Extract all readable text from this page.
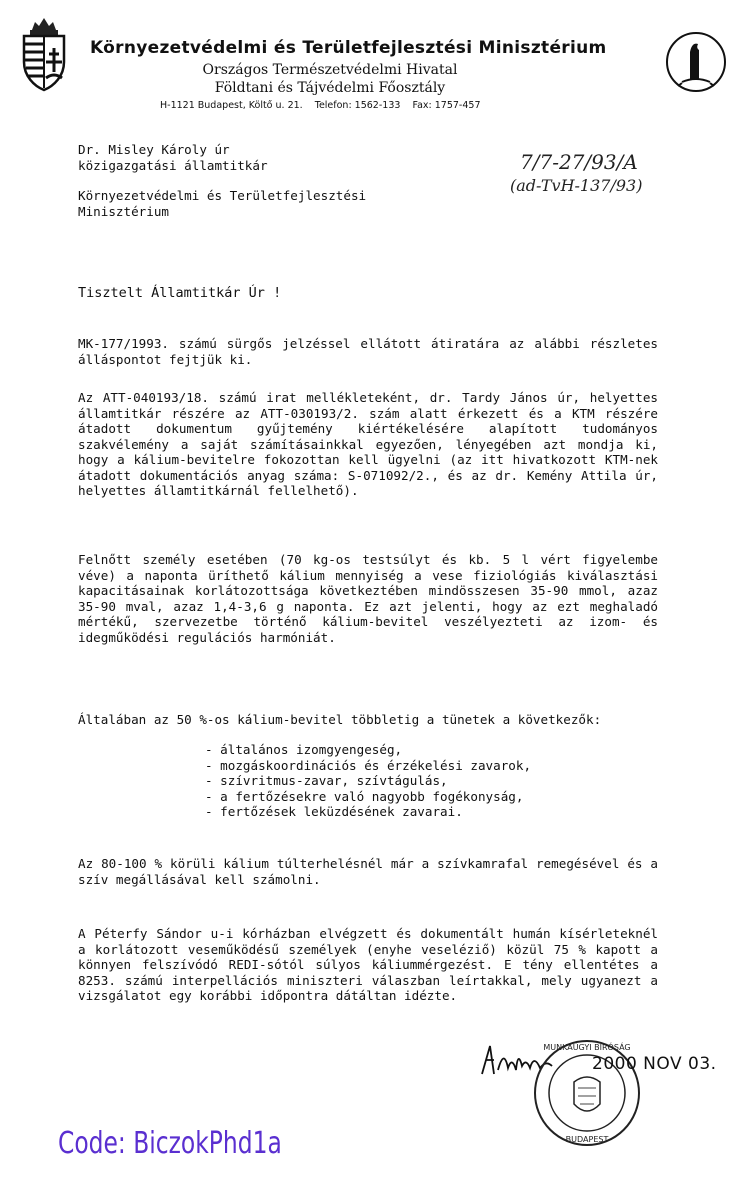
Környezetvédelmi és Területfejlesztési Minisztérium
Országos Természetvédelmi Hivatal
Földtani és Tájvédelmi Főosztály
H-1121 Budapest, Költő u. 21.    Telefon: 1562-133    Fax: 1757-457
7/7-27/93/A
(ad-TvH-137/93)

Dr. Misley Károly úr

közigazgatási államtitkár

Környezetvédelmi és Területfejlesztési

Minisztérium

Tisztelt Államtitkár Úr !

MK-177/1993. számú sürgős jelzéssel ellátott átiratára az alábbi részletes álláspontot fejtjük ki.

Az ATT-040193/18. számú irat mellékleteként, dr. Tardy János úr, helyettes államtitkár részére az ATT-030193/2. szám alatt érkezett és a KTM részére átadott dokumentum gyűjtemény kiértékelésére alapított tudományos szakvélemény a saját számításainkkal egyezően, lényegében azt mondja ki, hogy a kálium-bevitelre fokozottan kell ügyelni (az itt hivatkozott KTM-nek átadott dokumentációs anyag száma: S-071092/2., és az dr. Kemény Attila úr, helyettes államtitkárnál fellelhető).

Felnőtt személy esetében (70 kg-os testsúlyt és kb. 5 l vért figyelembe véve) a naponta üríthető kálium mennyiség a vese fiziológiás kiválasztási kapacitásainak korlátozottsága következtében mindösszesen 35-90 mmol, azaz 35-90 mval, azaz 1,4-3,6 g naponta. Ez azt jelenti, hogy az ezt meghaladó mértékű, szervezetbe történő kálium-bevitel veszélyezteti az izom- és idegműködési regulációs harmóniát.

Általában az 50 %-os kálium-bevitel többletig a tünetek a következők:

- általános izomgyengeség,
- mozgáskoordinációs és érzékelési zavarok,
- szívritmus-zavar, szívtágulás,
- a fertőzésekre való nagyobb fogékonyság,
- fertőzések leküzdésének zavarai.

Az 80-100 % körüli kálium túlterhelésnél már a szívkamrafal remegésével és a szív megállásával kell számolni.

A Péterfy Sándor u-i kórházban elvégzett és dokumentált humán kísérleteknél a korlátozott veseműködésű személyek (enyhe veseléziő) közül 75 % kapott a könnyen felszívódó REDI-sótól súlyos káliummérgezést. E tény ellentétes a 8253. számú interpellációs miniszteri válaszban leírtakkal, mely ugyanezt a vizsgálatot egy korábbi időpontra dátáltan idézte.

MUNKAÜGYI BÍRÓSÁG
BUDAPEST
2000 NOV 03.
Code: BiczokPhd1a
